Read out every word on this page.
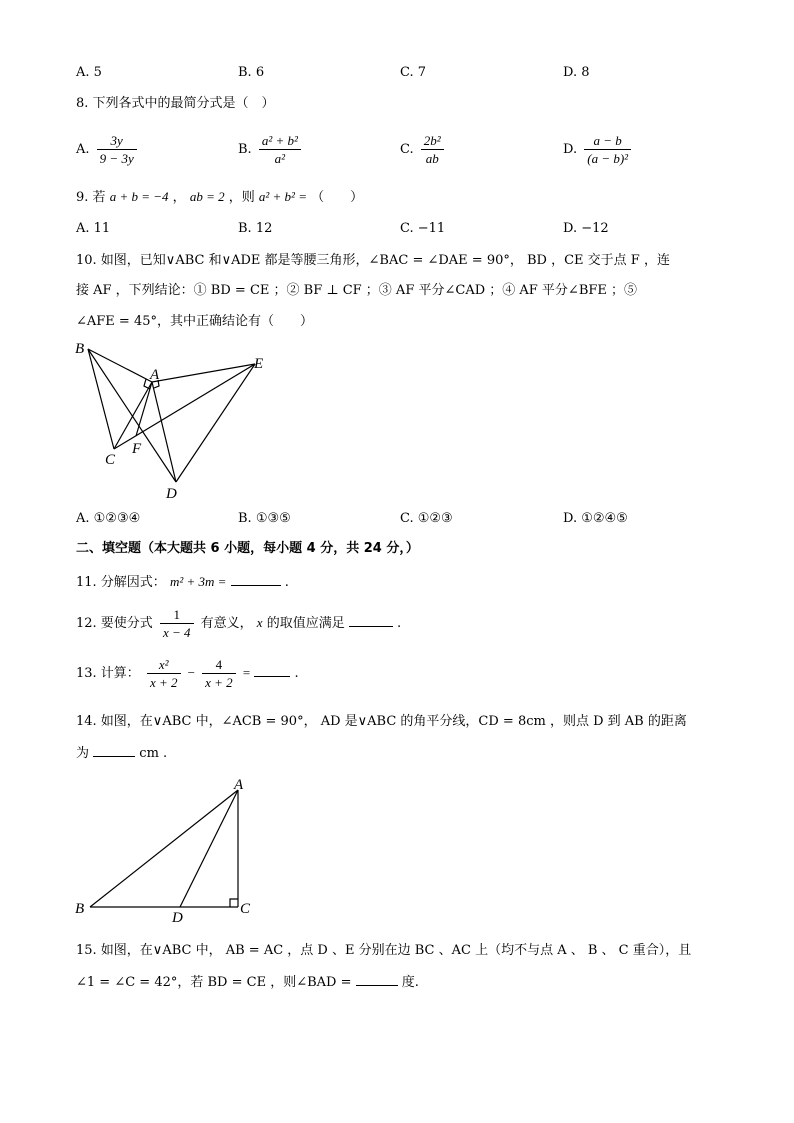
A. 5	B. 6	C. 7	D. 8
8. 下列各式中的最简分式是（　）
A. $\frac{3y}{9 - 3y}$	B. $\frac{\text{a² + b²}}{\text{a²}}$	C. $\frac{\text{2b²}}{ab}$	D. $\frac{a - b}{\text{(a − b)²}}$
9. 若 a + b = −4 ， ab = 2 ，则 a² + b² = （　　）
A. 11	B. 12	C. −11	D. −12
10. 如图，已知∨ABC 和∨ADE 都是等腰三角形，∠BAC = ∠DAE = 90°， BD ，CE 交于点 F ，连
接 AF ，下列结论：① BD = CE ；② BF ⊥ CF ；③ AF 平分∠CAD ；④ AF 平分∠BFE ；⑤
∠AFE = 45°，其中正确结论有（　　）
B
A
E
C
F
D
A. ①②③④	B. ①③⑤	C. ①②③	D. ①②④⑤
二、填空题（本大题共 6 小题，每小题 4 分，共 24 分，）
11. 分解因式： m² + 3m =	.
12. 要使分式 $\frac{1}{x - 4}$ 有意义， x 的取值应满足	.
13. 计算： $\frac{\text{x²}}{x + 2} - \frac{4}{x + 2}$ =	.
14. 如图，在∨ABC 中，∠ACB = 90°， AD 是∨ABC 的角平分线，CD = 8cm ，则点 D 到 AB 的距离
为	cm .
A
B
D
C
15. 如图，在∨ABC 中， AB = AC ，点 D 、E 分别在边 BC 、AC 上（均不与点 A 、 B 、 C 重合），且
∠1 = ∠C = 42°，若 BD = CE ，则∠BAD =	度.
